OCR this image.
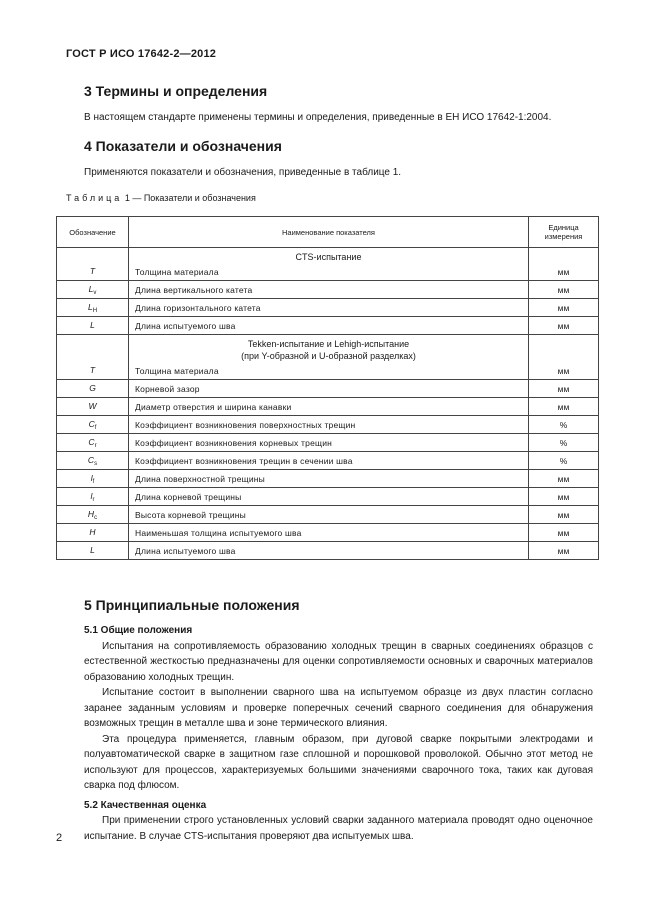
ГОСТ Р ИСО 17642-2—2012
3 Термины и определения
В настоящем стандарте применены термины и определения, приведенные в ЕН ИСО 17642-1:2004.
4 Показатели и обозначения
Применяются показатели и обозначения, приведенные в таблице 1.
Таблица 1 — Показатели и обозначения
Обозначение	Наименование показателя	Единица измерения
	CTS-испытание	
T	Толщина материала	мм
$L_v$	Длина вертикального катета	мм
$L_H$	Длина горизонтального катета	мм
L	Длина испытуемого шва	мм
	Tekken-испытание и Lehigh-испытание
(при Y-образной и U-образной разделках)	
T	Толщина материала	мм
G	Корневой зазор	мм
W	Диаметр отверстия и ширина канавки	мм
$C_f$	Коэффициент возникновения поверхностных трещин	%
$C_r$	Коэффициент возникновения корневых трещин	%
$C_s$	Коэффициент возникновения трещин в сечении шва	%
$l_f$	Длина поверхностной трещины	мм
$l_r$	Длина корневой трещины	мм
$H_c$	Высота корневой трещины	мм
H	Наименьшая толщина испытуемого шва	мм
L	Длина испытуемого шва	мм
5 Принципиальные положения
5.1 Общие положения

Испытания на сопротивляемость образованию холодных трещин в сварных соединениях образцов с естественной жесткостью предназначены для оценки сопротивляемости основных и сварочных материалов образованию холодных трещин.

Испытание состоит в выполнении сварного шва на испытуемом образце из двух пластин согласно заранее заданным условиям и проверке поперечных сечений сварного соединения для обнаружения возможных трещин в металле шва и зоне термического влияния.

Эта процедура применяется, главным образом, при дуговой сварке покрытыми электродами и полуавтоматической сварке в защитном газе сплошной и порошковой проволокой. Обычно этот метод не используют для процессов, характеризуемых большими значениями сварочного тока, таких как дуговая сварка под флюсом.

5.2 Качественная оценка

При применении строго установленных условий сварки заданного материала проводят одно оценочное испытание. В случае CTS-испытания проверяют два испытуемых шва.

2
